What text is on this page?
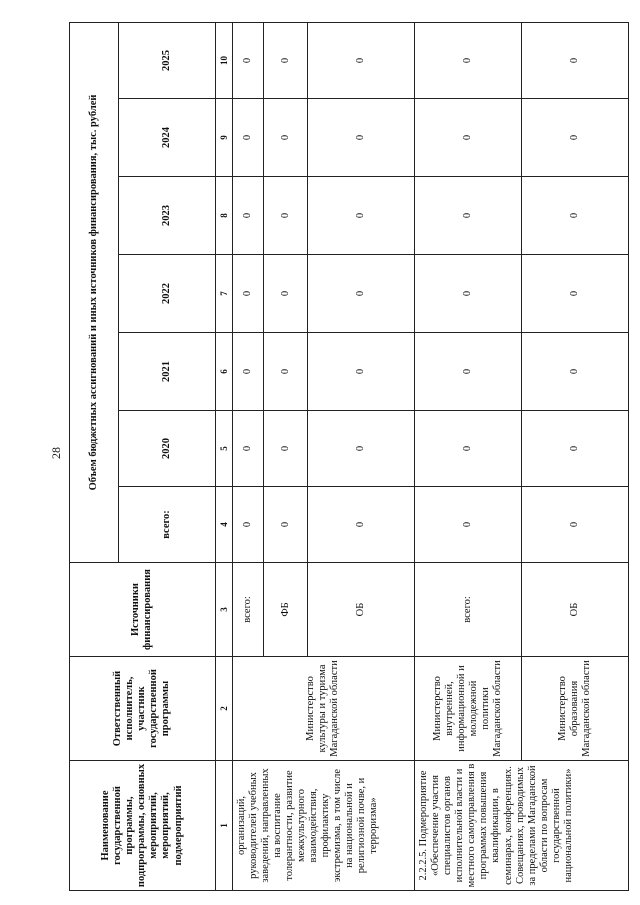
28
Наименование государственной программы, подпрограммы, основных мероприятий, мероприятий, подмероприятий	Ответственный исполнитель, участник государственной программы	Источники финансирования	Объем бюджетных ассигнований и иных источников финансирования, тыс. рублей						
			всего:	2020	2021	2022	2023	2024	2025
1	2	3	4	5	6	7	8	9	10
организаций, руководителей учебных заведений, направленных на воспитание толерантности, развитие межкультурного взаимодействия, профилактику экстремизма, в том числе на национальной и религиозной почве, и терроризма»	Министерство культуры и туризма Магаданской области	всего:	0	0	0	0	0	0	0
		ФБ	0	0	0	0	0	0	0
		ОБ	0	0	0	0	0	0	0
2.2.2.5. Подмероприятие «Обеспечение участия специалистов органов исполнительной власти и местного самоуправления в программах повышения квалификации, в семинарах, конференциях. Совещаниях, проводимых за пределами Магаданской области по вопросам государственной национальной политики»	Министерство внутренней, информационной и молодежной политики Магаданской области	всего:	0	0	0	0	0	0	0
	Министерство образования Магаданской области	ОБ	0	0	0	0	0	0	0
